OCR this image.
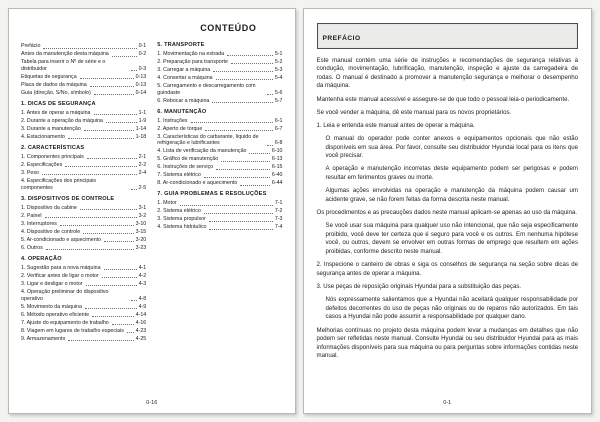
CONTEÚDO
Prefácio	0-1
Antes da manutenção desta máquina	0-2
Tabela para inserir o Nº de série e o distribuidor	0-3
Etiquetas de segurança	0-13
Placa de dados da máquina	0-13
Guia (direção, S/No, símbolo)	0-14
1. DICAS DE SEGURANÇA
1. Antes de operar a máquina	1-1
2. Durante a operação da máquina	1-9
3. Durante a manutenção	1-14
4. Estacionamento	1-18
2. CARACTERÍSTICAS
1. Componentes principais	2-1
2. Especificações	2-2
3. Peso	2-4
4. Especificações dos principais componentes	2-5
3. DISPOSITIVOS DE CONTROLE
1. Dispositivo da cabine	3-1
2. Painel	3-2
3. Interruptores	3-10
4. Dispositivo de controle	3-15
5. Ar-condicionado e aquecimento	3-20
6. Outros	3-23
4. OPERAÇÃO
1. Sugestão para a nova máquina	4-1
2. Verificar antes de ligar o motor	4-2
3. Ligar e desligar o motor	4-3
4. Operação preliminar do dispositivo operativo	4-8
5. Movimento da máquina	4-9
6. Método operativo eficiente	4-14
7. Ajuste do equipamento de trabalho	4-16
8. Viagem em lugares de trabalho especiais 4-23
9. Armazenamento	4-25
5. TRANSPORTE
1. Movimentação na estrada	5-1
2. Preparação para transporte	5-2
3. Carregar a máquina	5-3
4. Consertar a máquina	5-4
5. Carregamento e descarregamento com guindaste	5-6
6. Rebocar a máquina	5-7
6. MANUTENÇÃO
1. Instruções	6-1
2. Aperto de torque	6-7
3. Características do carburante, líquido de refrigeração e lubrificantes	6-8
4. Lista de verificação da manutenção	6-10
5. Gráfico de manutenção	6-13
6. Instruções de serviço	6-15
7. Sistema elétrico	6-40
8. Ar-condicionado e aquecimento	6-44
7. GUIA PROBLEMAS E RESOLUÇÕES
1. Motor	7-1
2. Sistema elétrico	7-2
3. Sistema propulsor	7-3
4. Sistema hidráulico	7-4
0-16
PREFÁCIO

Este manual contém uma série de instruções e recomendações de segurança relativas à condução, movimentação, lubrificação, manutenção, inspeção e ajuste da carregadeira de rodas. O manual é destinado a promover a manutenção segurança e melhorar o desempenho da máquina.

Mantenha este manual acessível e assegure-se de que todo o pessoal leia-o periodicamente.

Se você vender a máquina, dê este manual para os novos proprietários.

1. Leia e entenda este manual antes de operar a máquina.

O manual do operador pode conter anexos e equipamentos opcionais que não estão disponíveis em sua área. Por favor, consulte seu distribuidor Hyundai local para os itens que você precisar.

A operação e manutenção incorretas deste equipamento podem ser perigosas e podem resultar em ferimentos graves ou morte.

Algumas ações envolvidas na operação e manutenção da máquina podem causar um acidente grave, se não forem feitas da forma descrita neste manual.

Os procedimentos e as precauções dados neste manual aplicam-se apenas ao uso da máquina.

Se você usar sua máquina para qualquer uso não intencional, que não seja especificamente proibido, você deve ter certeza que é seguro para você e os outros. Em nenhuma hipótese você, ou outros, devem se envolver em outras formas de emprego que resultem em ações proibidas, conforme descrito neste manual.

2. Inspecione o canteiro de obras e siga os conselhos de segurança na seção sobre dicas de segurança antes de operar a máquina.

3. Use peças de reposição originais Hyundai para a substituição das peças.

Nós expressamente salientamos que a Hyundai não aceitará qualquer responsabilidade por defeitos decorrentes do uso de peças não originais ou de reparos não autorizados. Em tais casos a Hyundai não pode assumir a responsabilidade por qualquer dano.

Melhorias contínuas no projeto desta máquina podem levar a mudanças em detalhes que não podem ser refletidas neste manual. Consulte Hyundai ou seu distribuidor Hyundai para as mais informações disponíveis para sua máquina ou para perguntas sobre informações contidas neste manual.

0-1
